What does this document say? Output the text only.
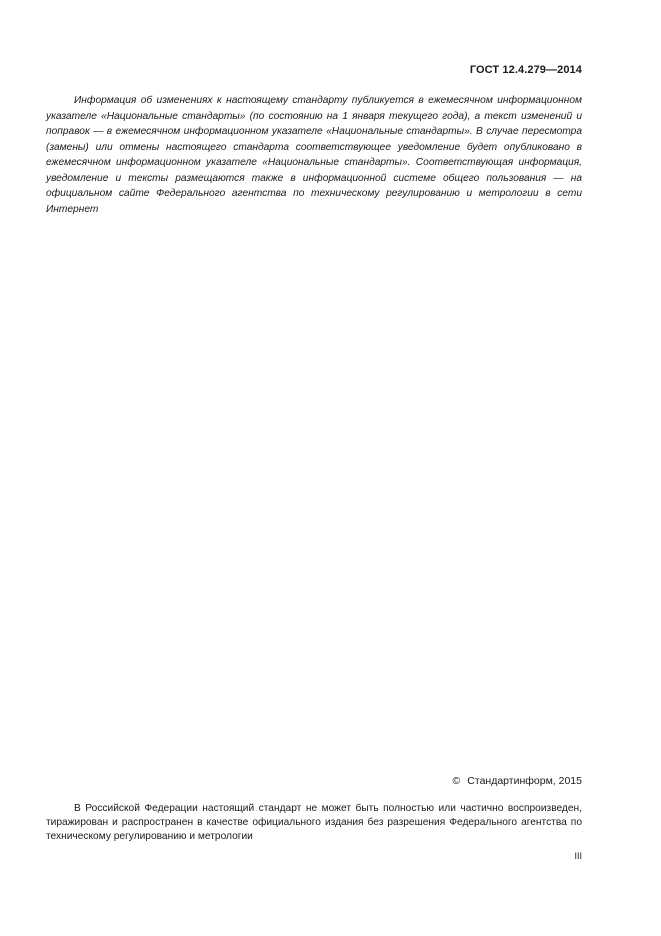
ГОСТ 12.4.279—2014

Информация об изменениях к настоящему стандарту публикуется в ежемесячном информационном указателе «Национальные стандарты» (по состоянию на 1 января текущего года), а текст изменений и поправок — в ежемесячном информационном указателе «Национальные стандарты». В случае пересмотра (замены) или отмены настоящего стандарта соответствующее уведомление будет опубликовано в ежемесячном информационном указателе «Национальные стандарты». Соответствующая информация, уведомление и тексты размещаются также в информационной системе общего пользования — на официальном сайте Федерального агентства по техническому регулированию и метрологии в сети Интернет

© Стандартинформ, 2015

В Российской Федерации настоящий стандарт не может быть полностью или частично воспроизведен, тиражирован и распространен в качестве официального издания без разрешения Федерального агентства по техническому регулированию и метрологии

III
